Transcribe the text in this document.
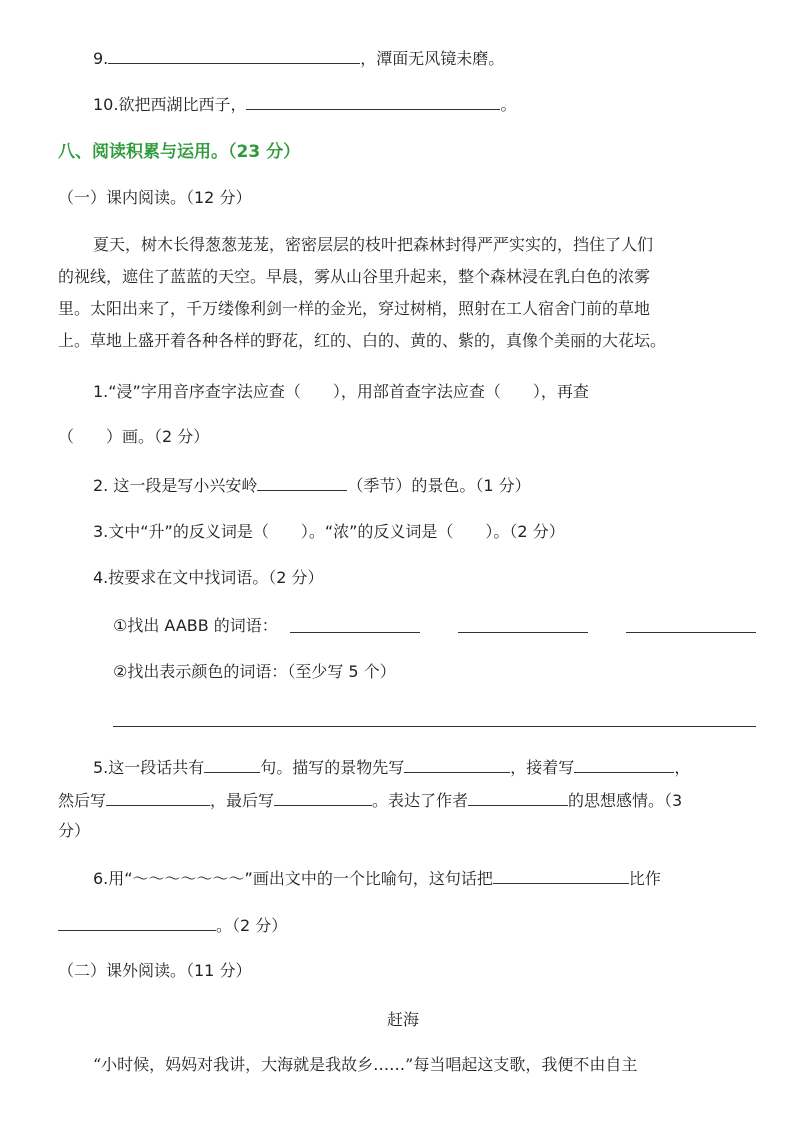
9.	，潭面无风镜未磨。
10.欲把西湖比西子，	。
八、阅读积累与运用。（23 分）
（一）课内阅读。（12 分）
夏天，树木长得葱葱茏茏，密密层层的枝叶把森林封得严严实实的，挡住了人们
的视线，遮住了蓝蓝的天空。早晨，雾从山谷里升起来，整个森林浸在乳白色的浓雾
里。太阳出来了，千万缕像利剑一样的金光，穿过树梢，照射在工人宿舍门前的草地
上。草地上盛开着各种各样的野花，红的、白的、黄的、紫的，真像个美丽的大花坛。
1.“浸”字用音序查字法应查（　　），用部首查字法应查（　　），再查
（　　）画。（2 分）
2. 这一段是写小兴安岭	（季节）的景色。（1 分）
3.文中“升”的反义词是（　　）。“浓”的反义词是（　　）。（2 分）
4.按要求在文中找词语。（2 分）
①找出 AABB 的词语：
②找出表示颜色的词语：（至少写 5 个）
5.这一段话共有	句。描写的景物先写	，接着写	，
然后写	，最后写	。表达了作者	的思想感情。（3
分）
6.用“～～～～～～～”画出文中的一个比喻句，这句话把	比作
。（2 分）
（二）课外阅读。（11 分）
赶海
“小时候，妈妈对我讲，大海就是我故乡……”每当唱起这支歌，我便不由自主
